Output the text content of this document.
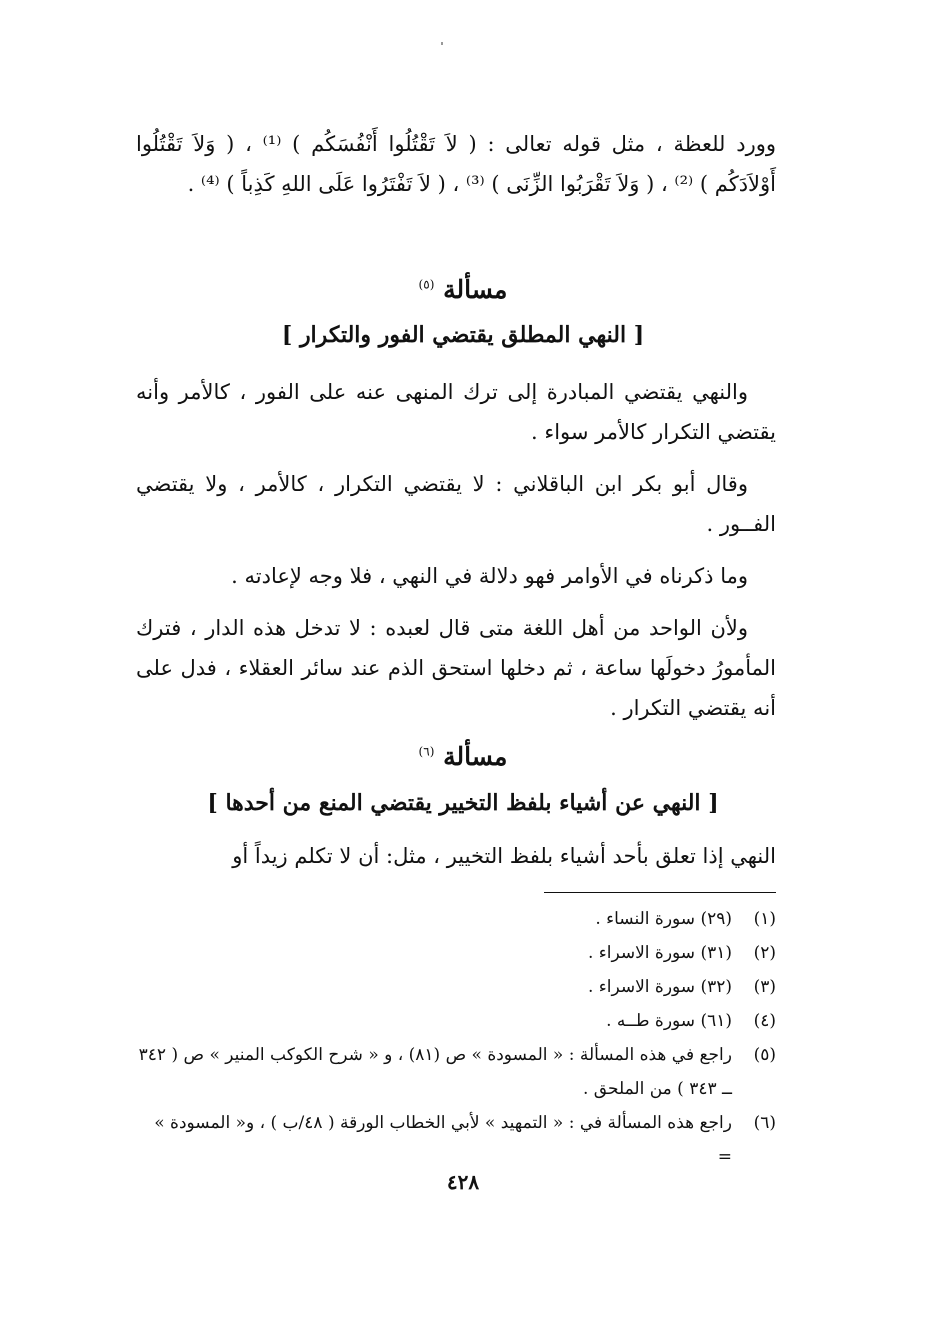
وورد للعظة ، مثل قوله تعالى : ( لاَ تَقْتُلُوا أَنْفُسَكُم ) ⁽¹⁾ ، ( وَلاَ تَقْتُلُوا أَوْلاَدَكُم ) ⁽²⁾ ، ( وَلاَ تَقْرَبُوا الزِّنَى ) ⁽³⁾ ، ( لاَ تَفْتَرُوا عَلَى اللهِ كَذِباً ) ⁽⁴⁾ .

مسألة $^{(٥)}$
[ النهي المطلق يقتضي الفور والتكرار ]

والنهي يقتضي المبادرة إلى ترك المنهى عنه على الفور ، كالأمر وأنه يقتضي التكرار كالأمر سواء .

وقال أبو بكر ابن الباقلاني : لا يقتضي التكرار ، كالأمر ، ولا يقتضي الفــور .

وما ذكرناه في الأوامر فهو دلالة في النهي ، فلا وجه لإعادته .

ولأن الواحد من أهل اللغة متى قال لعبده : لا تدخل هذه الدار ، فترك المأمورُ دخولَها ساعة ، ثم دخلها استحق الذم عند سائر العقلاء ، فدل على أنه يقتضي التكرار .

مسألة $^{(٦)}$
[ النهي عن أشياء بلفظ التخيير يقتضي المنع من أحدها ]

النهي إذا تعلق بأحد أشياء بلفظ التخيير ، مثل: أن لا تكلم زيداً أو

(١)
(٢٩) سورة النساء .
(٢)
(٣١) سورة الاسراء .
(٣)
(٣٢) سورة الاسراء .
(٤)
(٦١) سورة طــه .
(٥)
راجع في هذه المسألة : « المسودة » ص (٨١) ، و « شرح الكوكب المنير » ص ( ٣٤٢ ــ ٣٤٣ ) من الملحق .
(٦)
راجع هذه المسألة في : « التمهيد » لأبي الخطاب الورقة ( ٤٨/ب ) ، و« المسودة » =
٤٢٨
